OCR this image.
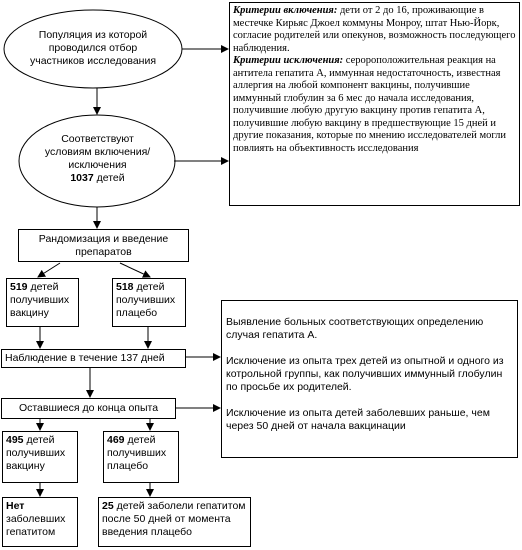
Популяция из которой проводился отбор участников исследования
Критерии включения: дети от 2 до 16, проживающие в местечке Кирьяс Джоел коммуны Монроу, штат Нью-Йорк, согласие родителей или опекунов, возможность последующего наблюдения.
Критерии исключения: серopоположительная реакция на антитела гепатита А, иммунная недостаточность, известная аллергия на любой компонент вакцины, получившие иммунный глобулин за 6 мес до начала исследования, получившие любую другую вакцину против гепатита А, получившие любую вакцину в предшествующие 15 дней и другие показания, которые по мнению исследователей могли повлиять на объективность исследования
Соответствуют условиям включения/исключения
1037 детей
Рандомизация и введение препаратов
519 детей получивших вакцину
518 детей получивших плацебо
Наблюдение в течение 137 дней
Выявление больных соответствующих определению случая гепатита А.
Исключение из опыта трех детей из опытной и одного из котрольной группы, как получивших иммунный глобулин по просьбе их родителей.
Исключение из опыта детей заболевших раньше, чем через 50 дней от начала вакцинации
Оставшиеся до конца опыта
495 детей получивших вакцину
469 детей получивших плацебо
Нет заболевших гепатитом
25 детей заболели гепатитом после 50 дней от момента введения плацебо
